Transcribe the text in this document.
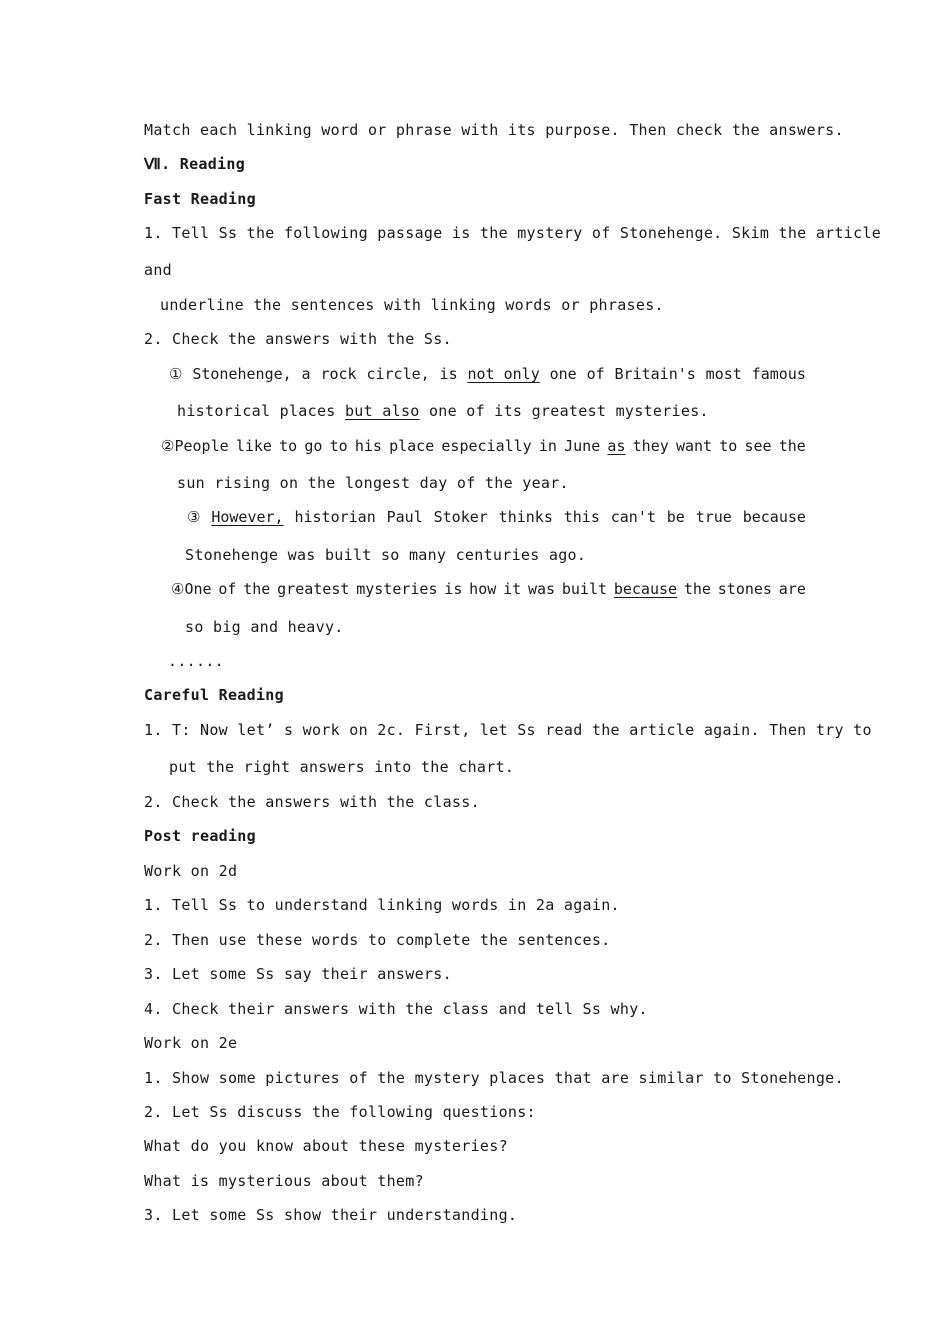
Match each linking word or phrase with its purpose. Then check the answers.
Ⅶ. Reading
Fast Reading
1. Tell Ss the following passage is the mystery of Stonehenge. Skim the article
and
underline the sentences with linking words or phrases.
2. Check the answers with the Ss.
① Stonehenge, a rock circle, is not only one of Britain's most famous
historical places but also one of its greatest mysteries.
②People like to go to his place especially in June as they want to see the
sun rising on the longest day of the year.
③ However, historian Paul Stoker thinks this can't be true because
Stonehenge was built so many centuries ago.
④One of the greatest mysteries is how it was built because the stones are
so big and heavy.
......
Careful Reading
1. T: Now let’ s work on 2c. First, let Ss read the article again. Then try to
put the right answers into the chart.
2. Check the answers with the class.
Post reading
Work on 2d
1. Tell Ss to understand linking words in 2a again.
2. Then use these words to complete the sentences.
3. Let some Ss say their answers.
4. Check their answers with the class and tell Ss why.
Work on 2e
1. Show some pictures of the mystery places that are similar to Stonehenge.
2. Let Ss discuss the following questions:
What do you know about these mysteries?
What is mysterious about them?
3. Let some Ss show their understanding.
